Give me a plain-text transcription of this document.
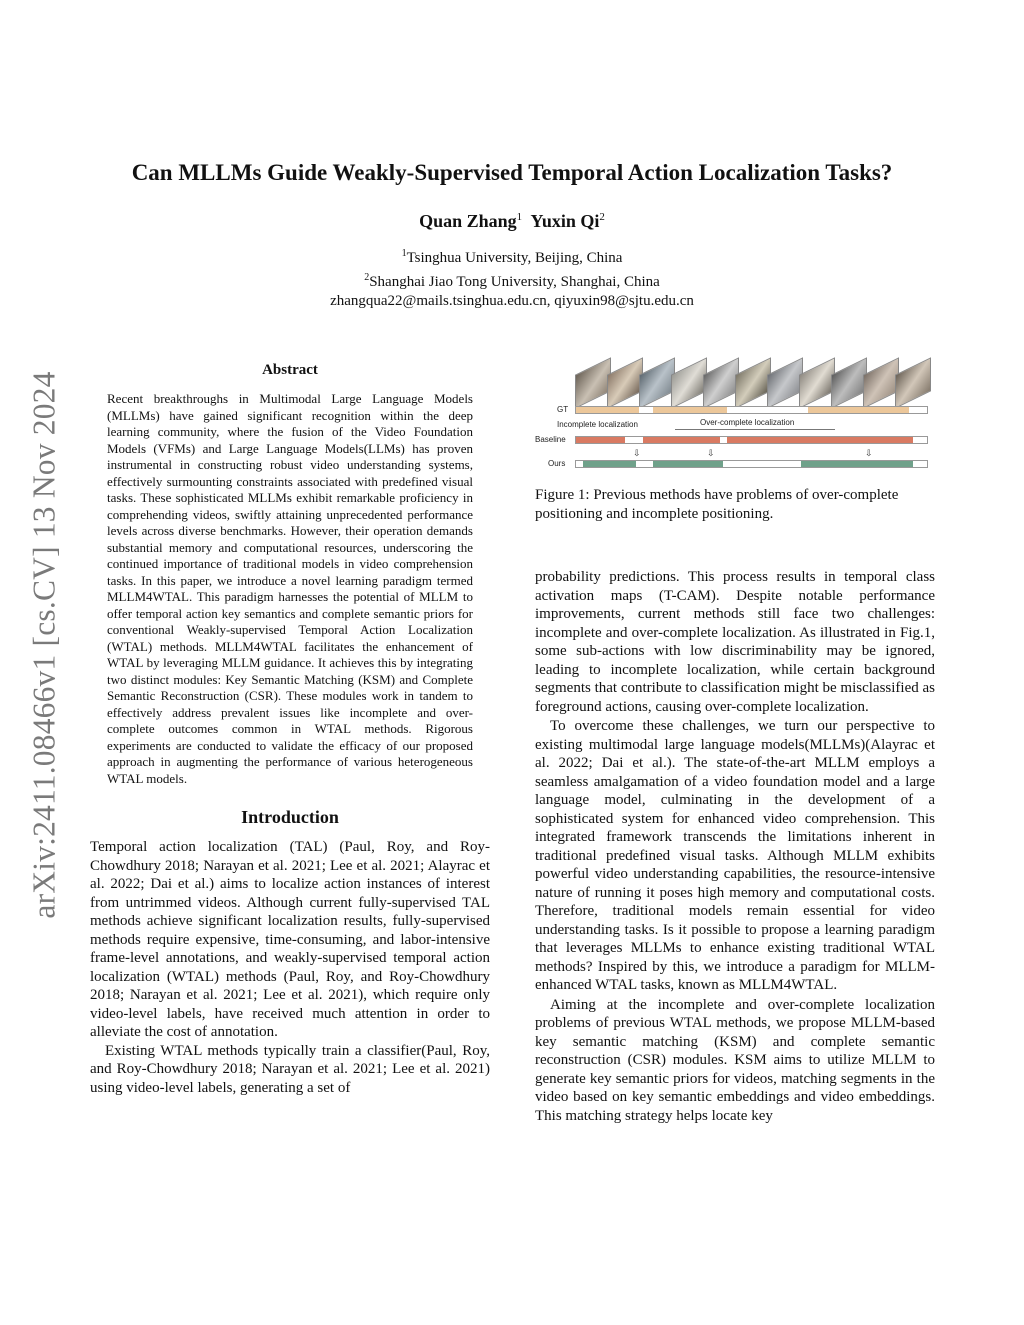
arXiv:2411.08466v1 [cs.CV] 13 Nov 2024
Can MLLMs Guide Weakly-Supervised Temporal Action Localization Tasks?
Quan Zhang$^1$ Yuxin Qi$^2$
$^1$Tsinghua University, Beijing, China
$^2$Shanghai Jiao Tong University, Shanghai, China
zhangqua22@mails.tsinghua.edu.cn, qiyuxin98@sjtu.edu.cn
Abstract

Recent breakthroughs in Multimodal Large Language Models (MLLMs) have gained significant recognition within the deep learning community, where the fusion of the Video Foundation Models (VFMs) and Large Language Models(LLMs) has proven instrumental in constructing robust video understanding systems, effectively surmounting constraints associated with predefined visual tasks. These sophisticated MLLMs exhibit remarkable proficiency in comprehending videos, swiftly attaining unprecedented performance levels across diverse benchmarks. However, their operation demands substantial memory and computational resources, underscoring the continued importance of traditional models in video comprehension tasks. In this paper, we introduce a novel learning paradigm termed MLLM4WTAL. This paradigm harnesses the potential of MLLM to offer temporal action key semantics and complete semantic priors for conventional Weakly-supervised Temporal Action Localization (WTAL) methods. MLLM4WTAL facilitates the enhancement of WTAL by leveraging MLLM guidance. It achieves this by integrating two distinct modules: Key Semantic Matching (KSM) and Complete Semantic Reconstruction (CSR). These modules work in tandem to effectively address prevalent issues like incomplete and over-complete outcomes common in WTAL methods. Rigorous experiments are conducted to validate the efficacy of our proposed approach in augmenting the performance of various heterogeneous WTAL models.

Introduction

Temporal action localization (TAL) (Paul, Roy, and Roy-Chowdhury 2018; Narayan et al. 2021; Lee et al. 2021; Alayrac et al. 2022; Dai et al.) aims to localize action instances of interest from untrimmed videos. Although current fully-supervised TAL methods achieve significant localization results, fully-supervised methods require expensive, time-consuming, and labor-intensive frame-level annotations, and weakly-supervised temporal action localization (WTAL) methods (Paul, Roy, and Roy-Chowdhury 2018; Narayan et al. 2021; Lee et al. 2021), which require only video-level labels, have received much attention in order to alleviate the cost of annotation.

Existing WTAL methods typically train a classifier(Paul, Roy, and Roy-Chowdhury 2018; Narayan et al. 2021; Lee et al. 2021) using video-level labels, generating a set of

GT
Incomplete localization	Over-complete localization
Baseline
⇩	⇩	⇩
Ours
Figure 1: Previous methods have problems of over-complete positioning and incomplete positioning.

probability predictions. This process results in temporal class activation maps (T-CAM). Despite notable performance improvements, current methods still face two challenges: incomplete and over-complete localization. As illustrated in Fig.1, some sub-actions with low discriminability may be ignored, leading to incomplete localization, while certain background segments that contribute to classification might be misclassified as foreground actions, causing over-complete localization.

To overcome these challenges, we turn our perspective to existing multimodal large language models(MLLMs)(Alayrac et al. 2022; Dai et al.). The state-of-the-art MLLM employs a seamless amalgamation of a video foundation model and a large language model, culminating in the development of a sophisticated system for enhanced video comprehension. This integrated framework transcends the limitations inherent in traditional predefined visual tasks. Although MLLM exhibits powerful video understanding capabilities, the resource-intensive nature of running it poses high memory and computational costs. Therefore, traditional models remain essential for video understanding tasks. Is it possible to propose a learning paradigm that leverages MLLMs to enhance existing traditional WTAL methods? Inspired by this, we introduce a paradigm for MLLM-enhanced WTAL tasks, known as MLLM4WTAL.

Aiming at the incomplete and over-complete localization problems of previous WTAL methods, we propose MLLM-based key semantic matching (KSM) and complete semantic reconstruction (CSR) modules. KSM aims to utilize MLLM to generate key semantic priors for videos, matching segments in the video based on key semantic embeddings and video embeddings. This matching strategy helps locate key
